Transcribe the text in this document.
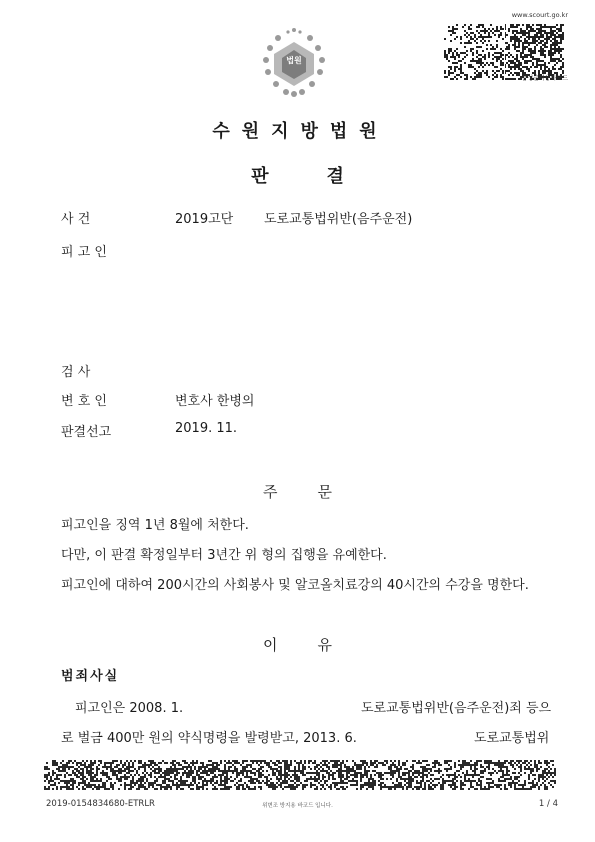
법원
www.scourt.go.kr
음성출력용바코드
수원지방법원
판결
사 건	2019고단 도로교통법위반(음주운전)
피 고 인
검 사
변 호 인	변호사 한병의
판결선고	2019. 11.
주문
피고인을 징역 1년 8월에 처한다.
다만, 이 판결 확정일부터 3년간 위 형의 집행을 유예한다.
피고인에 대하여 200시간의 사회봉사 및 알코올치료강의 40시간의 수강을 명한다.
이유
범죄사실
피고인은 2008. 1.	도로교통법위반(음주운전)죄 등으
로 벌금 400만 원의 약식명령을 발령받고, 2013. 6.	도로교통법위
2019-0154834680-ETRLR	위변조 방지용 바코드 입니다.	1 / 4
